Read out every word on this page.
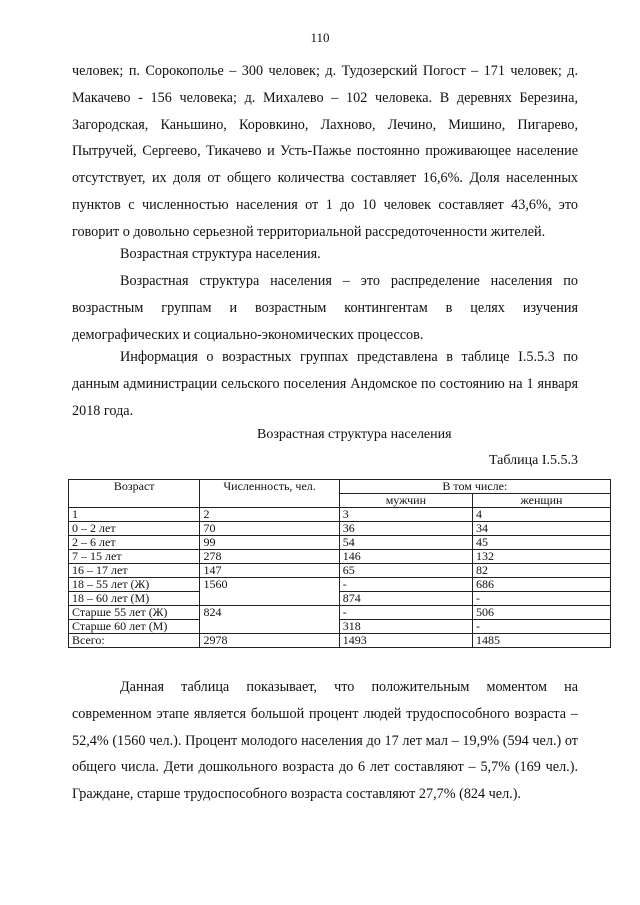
110

человек; п. Сорокополье – 300 человек; д. Тудозерский Погост – 171 человек; д. Макачево - 156 человека; д. Михалево – 102 человека. В деревнях Березина, Загородская, Каньшино, Коровкино, Лахново, Лечино, Мишино, Пигарево, Пытручей, Сергеево, Тикачево и Усть-Пажье постоянно проживающее население отсутствует, их доля от общего количества составляет 16,6%. Доля населенных пунктов с численностью населения от 1 до 10 человек составляет 43,6%, это говорит о довольно серьезной территориальной рассредоточенности жителей.

Возрастная структура населения.

Возрастная структура населения – это распределение населения по возрастным группам и возрастным контингентам в целях изучения демографических и социально-экономических процессов.

Информация о возрастных группах представлена в таблице I.5.5.3 по данным администрации сельского поселения Андомское по состоянию на 1 января 2018 года.

Возрастная структура населения
Таблица I.5.5.3
Возраст	Численность, чел.	В том числе:	
		мужчин	женщин
1	2	3	4
0 – 2 лет	70	36	34
2 – 6 лет	99	54	45
7 – 15 лет	278	146	132
16 – 17 лет	147	65	82
18 – 55 лет (Ж)	1560	-	686
18 – 60 лет (М)		874	-
Старше 55 лет (Ж)	824	-	506
Старше 60 лет (М)		318	-
Всего:	2978	1493	1485

Данная таблица показывает, что положительным моментом на современном этапе является большой процент людей трудоспособного возраста – 52,4% (1560 чел.). Процент молодого населения до 17 лет мал – 19,9% (594 чел.) от общего числа. Дети дошкольного возраста до 6 лет составляют – 5,7% (169 чел.). Граждане, старше трудоспособного возраста составляют 27,7% (824 чел.).
